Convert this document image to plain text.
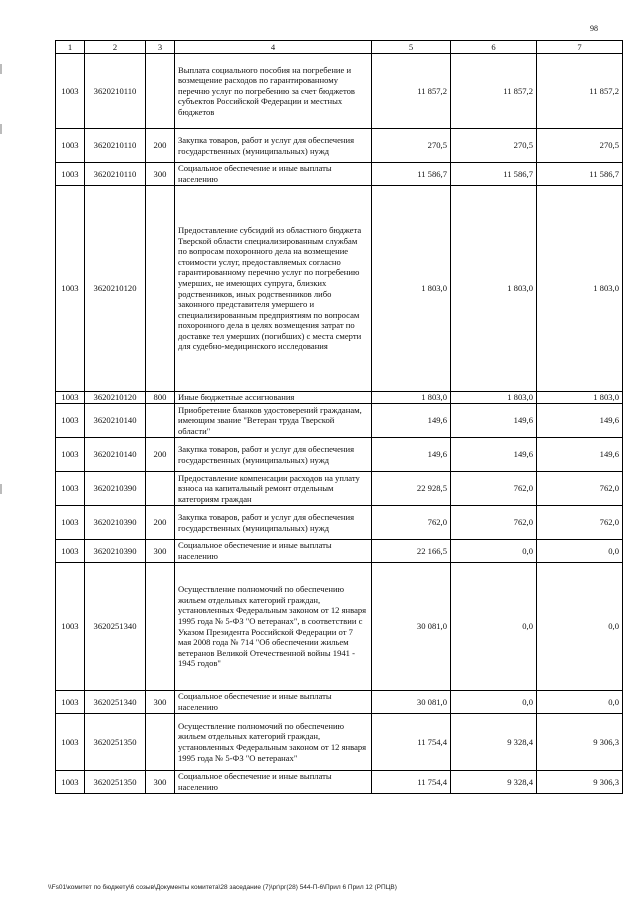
98
1	2	3	4	5	6	7
1003	3620210110		Выплата социального пособия на погребение и возмещение расходов по гарантированному перечню услуг по погребению за счет бюджетов субъектов Российской Федерации и местных бюджетов	11 857,2	11 857,2	11 857,2
1003	3620210110	200	Закупка товаров, работ и услуг для обеспечения государственных (муниципальных) нужд	270,5	270,5	270,5
1003	3620210110	300	Социальное обеспечение и иные выплаты населению	11 586,7	11 586,7	11 586,7
1003	3620210120		Предоставление субсидий из областного бюджета Тверской области специализированным службам по вопросам похоронного дела на возмещение стоимости услуг, предоставляемых согласно гарантированному перечню услуг по погребению умерших, не имеющих супруга, близких родственников, иных родственников либо законного представителя умершего и специализированным предприятиям по вопросам похоронного дела в целях возмещения затрат по доставке тел умерших (погибших) с места смерти для судебно-медицинского исследования	1 803,0	1 803,0	1 803,0
1003	3620210120	800	Иные бюджетные ассигнования	1 803,0	1 803,0	1 803,0
1003	3620210140		Приобретение бланков удостоверений гражданам, имеющим звание "Ветеран труда Тверской области"	149,6	149,6	149,6
1003	3620210140	200	Закупка товаров, работ и услуг для обеспечения государственных (муниципальных) нужд	149,6	149,6	149,6
1003	3620210390		Предоставление компенсации расходов на уплату взноса на капитальный ремонт отдельным категориям граждан	22 928,5	762,0	762,0
1003	3620210390	200	Закупка товаров, работ и услуг для обеспечения государственных (муниципальных) нужд	762,0	762,0	762,0
1003	3620210390	300	Социальное обеспечение и иные выплаты населению	22 166,5	0,0	0,0
1003	3620251340		Осуществление полномочий по обеспечению жильем отдельных категорий граждан, установленных Федеральным законом от 12 января 1995 года № 5-ФЗ "О ветеранах", в соответствии с Указом Президента Российской Федерации от 7 мая 2008 года № 714 "Об обеспечении жильем ветеранов Великой Отечественной войны 1941 - 1945 годов"	30 081,0	0,0	0,0
1003	3620251340	300	Социальное обеспечение и иные выплаты населению	30 081,0	0,0	0,0
1003	3620251350		Осуществление полномочий по обеспечению жильем отдельных категорий граждан, установленных Федеральным законом от 12 января 1995 года № 5-ФЗ "О ветеранах"	11 754,4	9 328,4	9 306,3
1003	3620251350	300	Социальное обеспечение и иные выплаты населению	11 754,4	9 328,4	9 306,3
\\Fs01\комитет по бюджету\6 созыв\Документы комитета\28 заседание (7)\рг\рг(28) 544-П-6\Прил 6 Прил 12 (РПЦВ)
